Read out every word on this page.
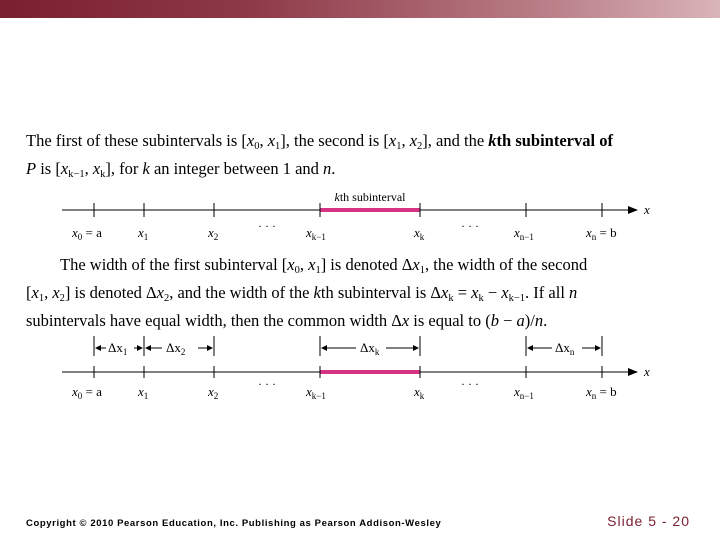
The first of these subintervals is [$x_0$, $x_1$], the second is [$x_1$, $x_2$], and the kth subinterval of
P is [$x_{k-1}$, $x_k$], for k an integer between 1 and n.
kth subinterval
x
· · ·	· · ·
$x_0 = a$	$x_1$	$x_2$	$x_{k-1}$	$x_k$	$x_{n-1}$	$x_n = b$
The width of the first subinterval [$x_0$, $x_1$] is denoted $\Delta x_1$, the width of the second
[$x_1$, $x_2$] is denoted $\Delta x_2$, and the width of the kth subinterval is $\Delta x_k = x_k - x_{k-1}$. If all n
subintervals have equal width, then the common width Δx is equal to (b − a)/n.
$\Delta x_1$	$\Delta x_2$	$\Delta x_k$	$\Delta x_n$
x
· · ·	· · ·
$x_0 = a$	$x_1$	$x_2$	$x_{k-1}$	$x_k$	$x_{n-1}$	$x_n = b$
Copyright © 2010 Pearson Education, Inc. Publishing as Pearson Addison-Wesley	Slide 5 - 20
